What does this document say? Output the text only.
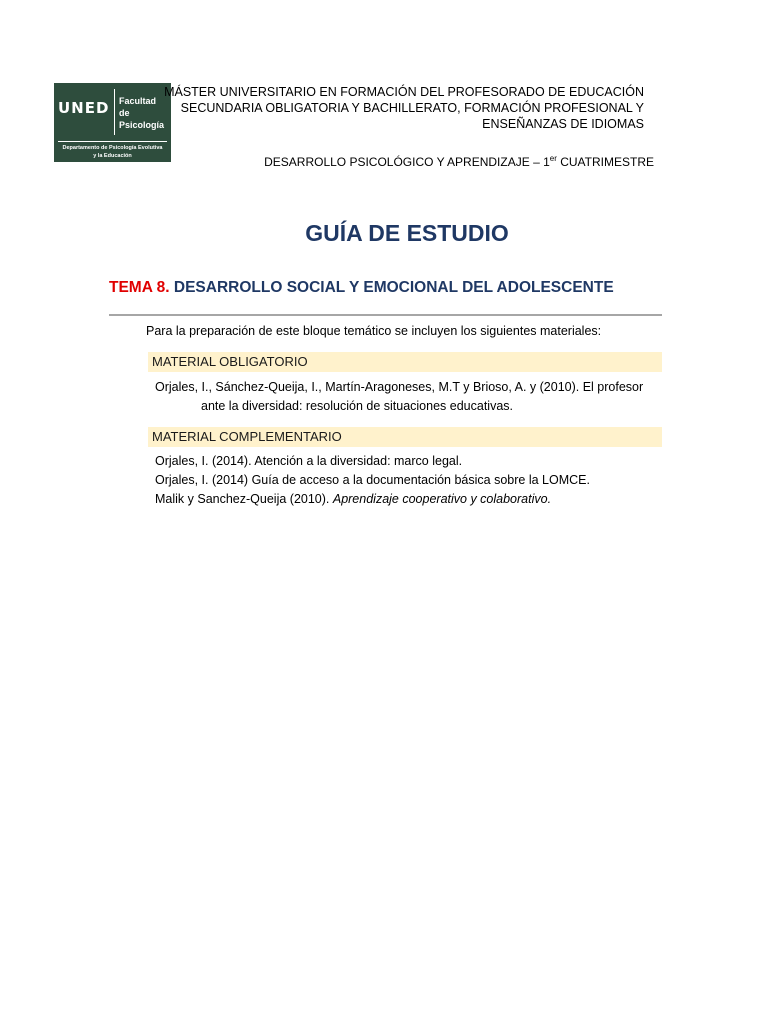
UNED Facultad
de Psicología
Departamento de Psicología Evolutiva
y la Educación
MÁSTER UNIVERSITARIO EN FORMACIÓN DEL PROFESORADO DE EDUCACIÓN
SECUNDARIA OBLIGATORIA Y BACHILLERATO, FORMACIÓN PROFESIONAL Y
ENSEÑANZAS DE IDIOMAS
DESARROLLO PSICOLÓGICO Y APRENDIZAJE – 1er CUATRIMESTRE
GUÍA DE ESTUDIO
TEMA 8. DESARROLLO SOCIAL Y EMOCIONAL DEL ADOLESCENTE
Para la preparación de este bloque temático se incluyen los siguientes materiales:
MATERIAL OBLIGATORIO
Orjales, I., Sánchez-Queija, I., Martín-Aragoneses, M.T y Brioso, A. y (2010). El profesor ante la diversidad: resolución de situaciones educativas.
MATERIAL COMPLEMENTARIO
Orjales, I. (2014). Atención a la diversidad: marco legal.
Orjales, I. (2014) Guía de acceso a la documentación básica sobre la LOMCE.
Malik y Sanchez-Queija (2010). Aprendizaje cooperativo y colaborativo.
